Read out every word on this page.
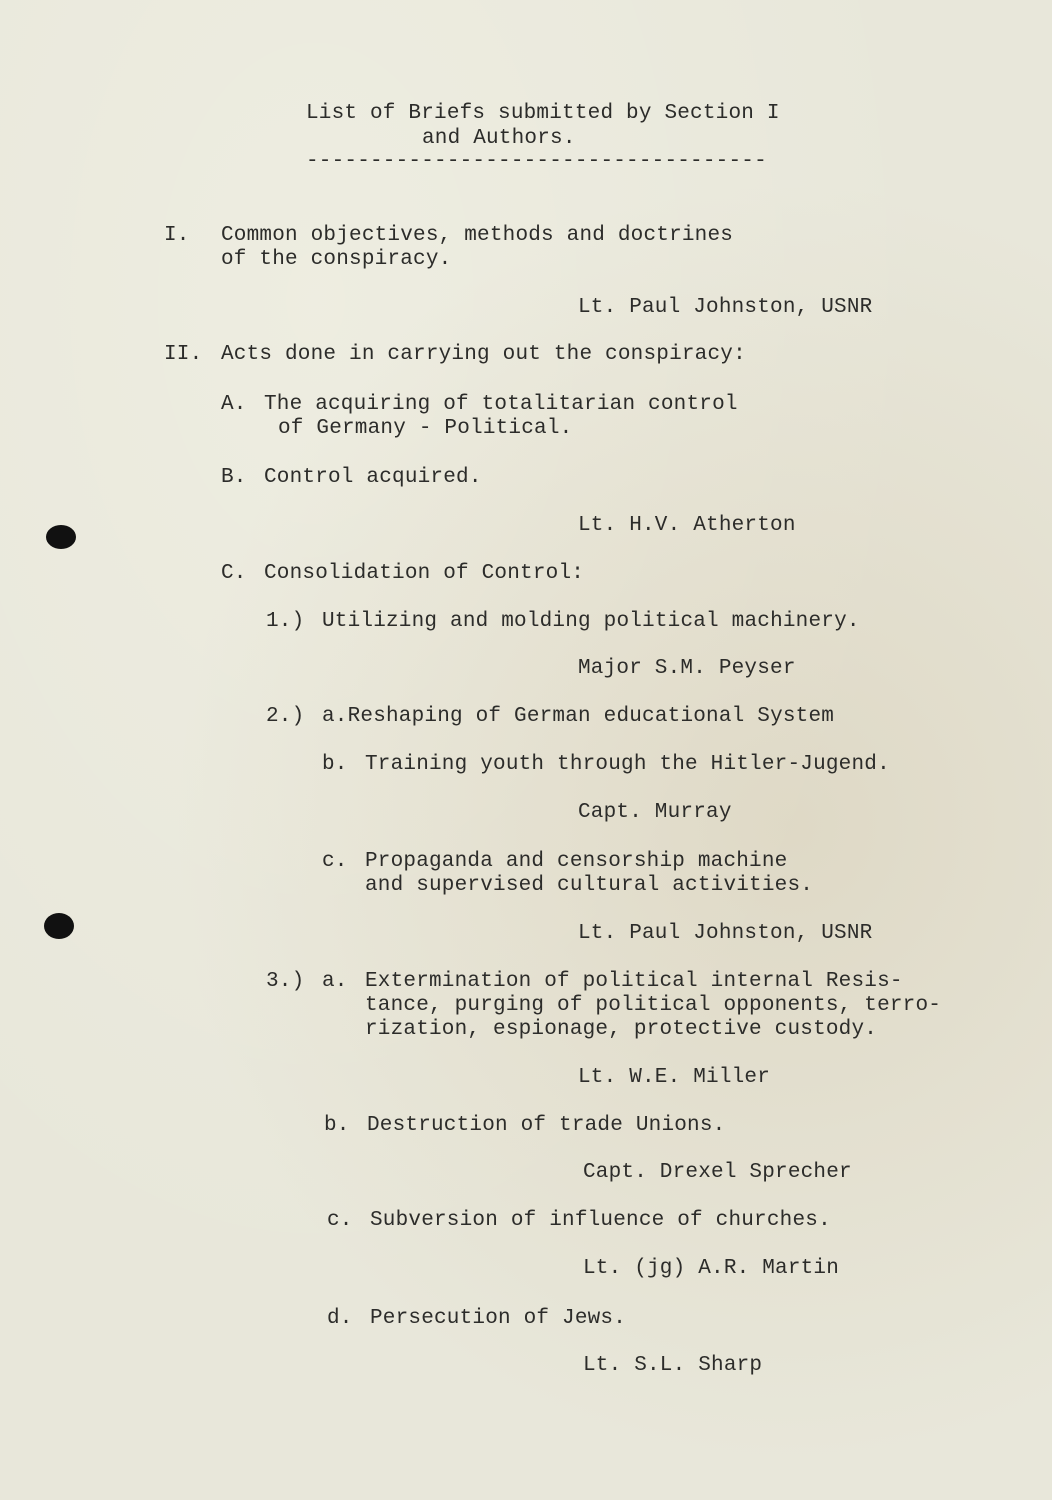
List of Briefs submitted by Section I
and Authors.
------------------------------------
I. Common objectives, methods and doctrines
of the conspiracy.
Lt. Paul Johnston, USNR
II. Acts done in carrying out the conspiracy:
A. The acquiring of totalitarian control
of Germany - Political.
B. Control acquired.
Lt. H.V. Atherton
C. Consolidation of Control:
1.) Utilizing and molding political machinery.
Major S.M. Peyser
2.) a.Reshaping of German educational System
b. Training youth through the Hitler-Jugend.
Capt. Murray
c. Propaganda and censorship machine
and supervised cultural activities.
Lt. Paul Johnston, USNR
3.) a. Extermination of political internal Resis-
tance, purging of political opponents, terro-
rization, espionage, protective custody.
Lt. W.E. Miller
b. Destruction of trade Unions.
Capt. Drexel Sprecher
c. Subversion of influence of churches.
Lt. (jg) A.R. Martin
d. Persecution of Jews.
Lt. S.L. Sharp
